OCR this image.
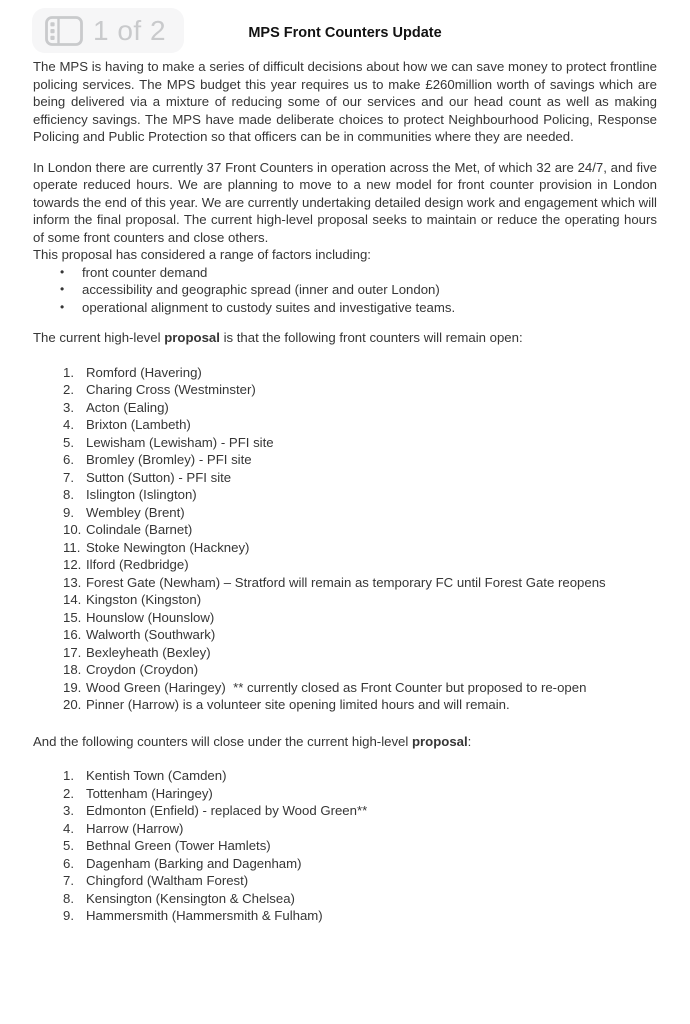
1 of 2	MPS Front Counters Update

The MPS is having to make a series of difficult decisions about how we can save money to protect frontline policing services. The MPS budget this year requires us to make £260million worth of savings which are being delivered via a mixture of reducing some of our services and our head count as well as making efficiency savings. The MPS have made deliberate choices to protect Neighbourhood Policing, Response Policing and Public Protection so that officers can be in communities where they are needed.

In London there are currently 37 Front Counters in operation across the Met, of which 32 are 24/7, and five operate reduced hours. We are planning to move to a new model for front counter provision in London towards the end of this year. We are currently undertaking detailed design work and engagement which will inform the final proposal. The current high-level proposal seeks to maintain or reduce the operating hours of some front counters and close others.

This proposal has considered a range of factors including:

•	front counter demand
•	accessibility and geographic spread (inner and outer London)
•	operational alignment to custody suites and investigative teams.

The current high-level proposal is that the following front counters will remain open:

1. Romford (Havering)
2. Charing Cross (Westminster)
3. Acton (Ealing)
4. Brixton (Lambeth)
5. Lewisham (Lewisham) - PFI site
6. Bromley (Bromley) - PFI site
7. Sutton (Sutton) - PFI site
8. Islington (Islington)
9. Wembley (Brent)
10. Colindale (Barnet)
11. Stoke Newington (Hackney)
12. Ilford (Redbridge)
13. Forest Gate (Newham) – Stratford will remain as temporary FC until Forest Gate reopens
14. Kingston (Kingston)
15. Hounslow (Hounslow)
16. Walworth (Southwark)
17. Bexleyheath (Bexley)
18. Croydon (Croydon)
19. Wood Green (Haringey)  ** currently closed as Front Counter but proposed to re-open
20. Pinner (Harrow) is a volunteer site opening limited hours and will remain.

And the following counters will close under the current high-level proposal:

1. Kentish Town (Camden)
2. Tottenham (Haringey)
3. Edmonton (Enfield) - replaced by Wood Green**
4. Harrow (Harrow)
5. Bethnal Green (Tower Hamlets)
6. Dagenham (Barking and Dagenham)
7. Chingford (Waltham Forest)
8. Kensington (Kensington & Chelsea)
9. Hammersmith (Hammersmith & Fulham)
